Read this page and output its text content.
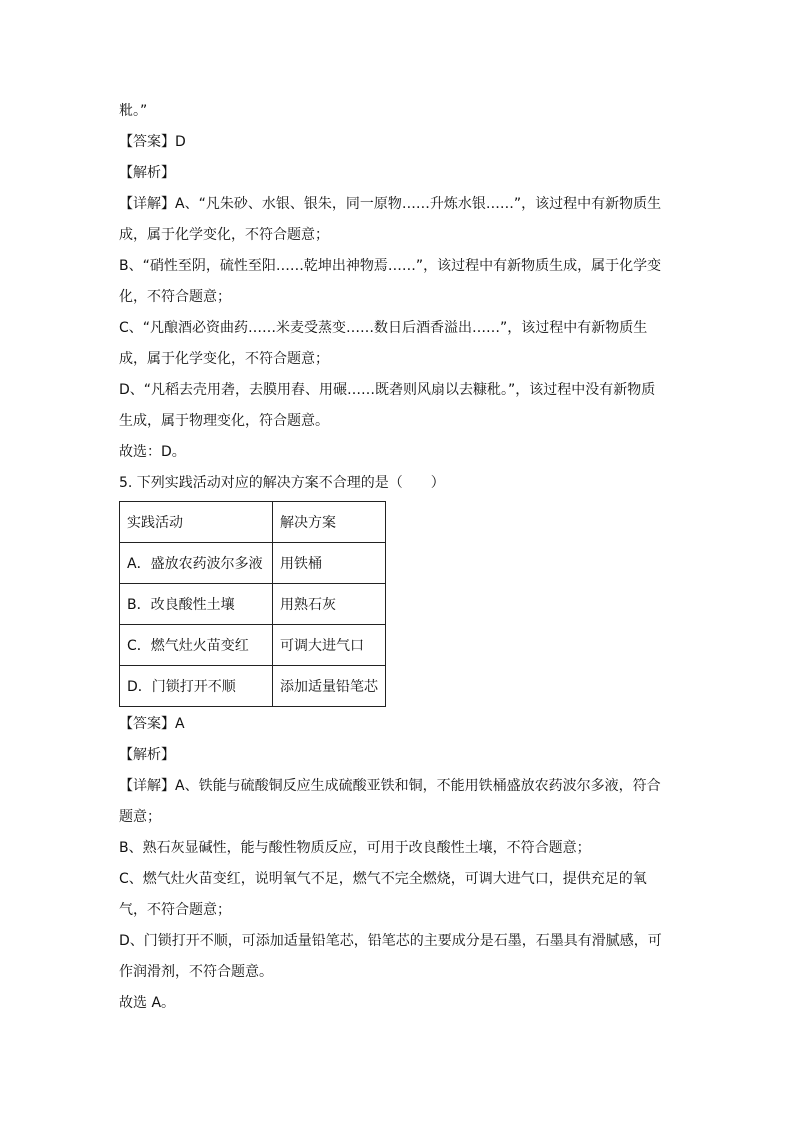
粃。”
【答案】D
【解析】
【详解】A、“凡朱砂、水银、银朱，同一原物……升炼水银……”，该过程中有新物质生
成，属于化学变化，不符合题意；
B、“硝性至阴，硫性至阳……乾坤出神物焉……”，该过程中有新物质生成，属于化学变
化，不符合题意；
C、“凡酿酒必资曲药……米麦受蒸变……数日后酒香溢出……”，该过程中有新物质生
成，属于化学变化，不符合题意；
D、“凡稻去壳用砻，去膜用舂、用碾……既砻则风扇以去糠秕。”，该过程中没有新物质
生成，属于物理变化，符合题意。
故选：D。
5. 下列实践活动对应的解决方案不合理的是（　　）
实践活动	解决方案
A．盛放农药波尔多液	用铁桶
B．改良酸性土壤	用熟石灰
C．燃气灶火苗变红	可调大进气口
D．门锁打开不顺	添加适量铅笔芯
【答案】A
【解析】
【详解】A、铁能与硫酸铜反应生成硫酸亚铁和铜，不能用铁桶盛放农药波尔多液，符合
题意；
B、熟石灰显碱性，能与酸性物质反应，可用于改良酸性土壤，不符合题意；
C、燃气灶火苗变红，说明氧气不足，燃气不完全燃烧，可调大进气口，提供充足的氧
气，不符合题意；
D、门锁打开不顺，可添加适量铅笔芯，铅笔芯的主要成分是石墨，石墨具有滑腻感，可
作润滑剂，不符合题意。
故选 A。
